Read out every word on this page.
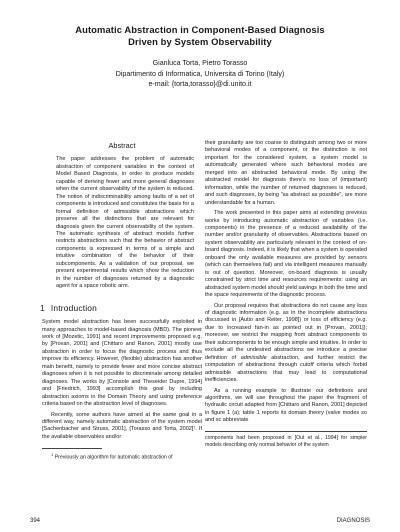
Automatic Abstraction in Component-Based Diagnosis
Driven by System Observability
Gianluca Torta, Pietro Torasso
Dipartimento di Informatica, Universita di Torino (Italy)
e-mail: {torta,torasso}@di.unito.it
Abstract

The paper addresses the problem of automatic abstraction of component variables in the context of Model Based Diagnosis, in order to produce models capable of deriving fewer and more general diagnoses when the current observability of the system is reduced. The notion of indiscriminability among faults of a set of components is introduced and constitutes the basis for a formal definition of admissible abstractions which preserve all the distinctions that are relevant for diagnosis given the current observability of the system. The automatic synthesis of abstract models further restricts abstractions such that the behavior of abstract components is expressed in terms of a simple and intuitive combination of the behavior of their subcomponents. As a validation of our proposal, we present experimental results which show the reduction in the number of diagnoses returned by a diagnostic agent for a space robotic arm.

1 Introduction

System model abstraction has been successfully exploited in many approaches to model-based diagnosis (MBD). The pioneer work of [Mozetic, 1991] and recent improvements proposed e.g. by [Provan, 2001] and [Chittaro and Ranon, 2001] mostly use abstraction in order to focus the diagnostic process and thus improve its efficiency. However, (flexible) abstraction has another main benefit, namely to provide fewer and more concise abstract diagnoses when it is not possible to discriminate among detailed diagnoses. The works by [Console and Theseider Dupre, 1994] and [Friedrich, 1993] accomplish this goal by including abstraction axioms in the Domain Theory and using preference criteria based on the abstraction level of diagnoses.

Recently, some authors have aimed at the same goal in a different way, namely automatic abstraction of the system model [Sachenbacher and Struss, 2001], [Torasso and Torta, 2002]¹. If the available observables and/or

$^1$ Previously an algorithm for automatic abstraction of

their granularity are too coarse to distinguish among two or more behavioral modes of a component, or the distinction is not important for the considered system, a system model is automatically generated where such behavioral modes are merged into an abstracted behavioral mode. By using the abstracted model for diagnosis there's no loss of (important) information, while the number of returned diagnoses is reduced, and such diagnoses, by being "as abstract as possible", are more understandable for a human.

The work presented in this paper aims at extending previous works by introducing automatic abstraction of variables (i.e. components) in the presence of a reduced availability of the number and/or granularity of observables. Abstractions based on system observability are particularly relevant in the context of on-board diagnosis. Indeed, it is likely that when a system is operated onboard the only available measures are provided by sensors (which can themselves fail) and via intelligent measures manually is out of question. Moreover, on-board diagnosis is usually constrained by strict time and resources requirements: using an abstracted system model should yield savings in both the time and the space requirements of the diagnostic process.

Our proposal requires that abstractions do not cause any loss of diagnostic information (e.g. as in the incomplete abstractions discussed in [Autio and Reiter, 1998]) or loss of efficiency (e.g. due to increased fan-in as pointed out in [Provan, 2001]); moreover, we restrict the mapping from abstract components to their subcomponents to be enough simple and intuitive. In order to exclude all the undesired abstractions we introduce a precise definition of admissible abstraction, and further restrict the computation of abstractions through cutoff criteria which forbid admissible abstractions that may lead to computational inefficiencies.

As a running example to illustrate our definitions and algorithms, we will use throughout the paper the fragment of hydraulic circuit adapted from [Chittaro and Ranon, 2001] depicted in figure 1 (a); table 1 reports its domain theory (valve modes so and sc abbreviate

components had been proposed in [Out et al., 1994] for simpler models describing only normal behavior of the system

394	DIAGNOSIS
